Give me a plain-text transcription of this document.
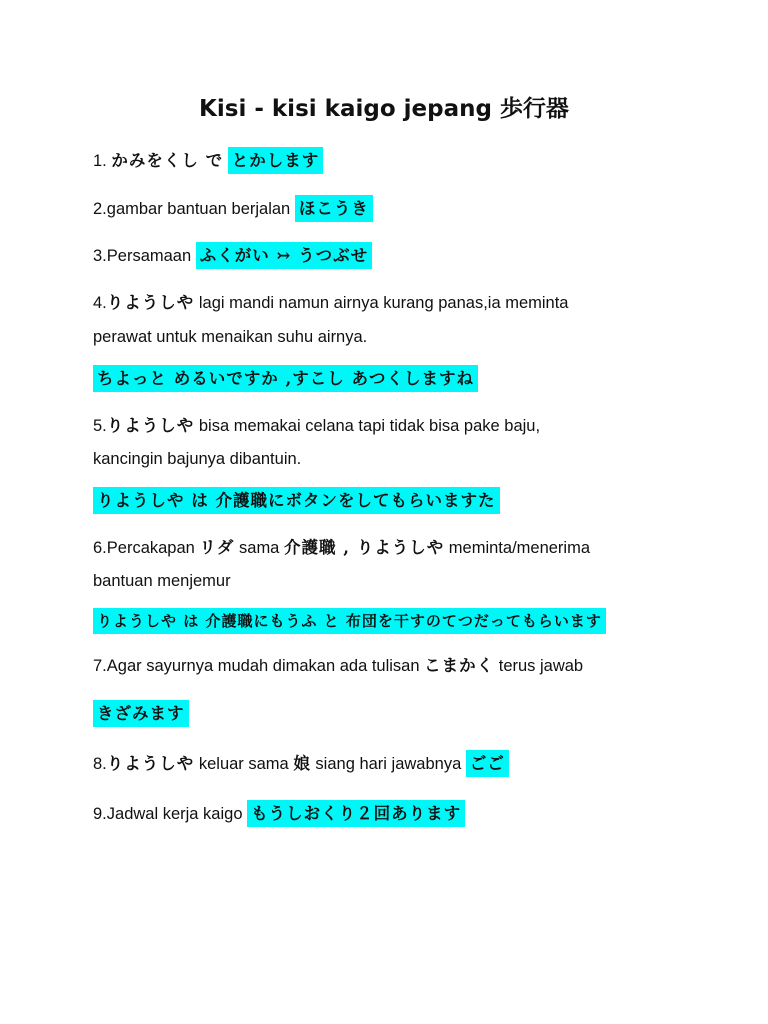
Kisi - kisi kaigo jepang 歩行器
1. かみをくし で とかします
2.gambar bantuan berjalan ほこうき
3.Persamaan ふくがい ↣ うつぶせ
4.りようしや lagi mandi namun airnya kurang panas,ia meminta
perawat untuk menaikan suhu airnya.
ちよっと めるいですか ,すこし あつくしますね
5.りようしや bisa memakai celana tapi tidak bisa pake baju,
kancingin bajunya dibantuin.
りようしや は 介護職にボタンをしてもらいますた
6.Percakapan リダ sama 介護職 , りようしや meminta/menerima
bantuan menjemur
りようしや は 介護職にもうふ と 布団を干すのてつだってもらいます
7.Agar sayurnya mudah dimakan ada tulisan こまかく terus jawab
きざみます
8.りようしや keluar sama 娘 siang hari jawabnya ごご
9.Jadwal kerja kaigo もうしおくり２回あります
